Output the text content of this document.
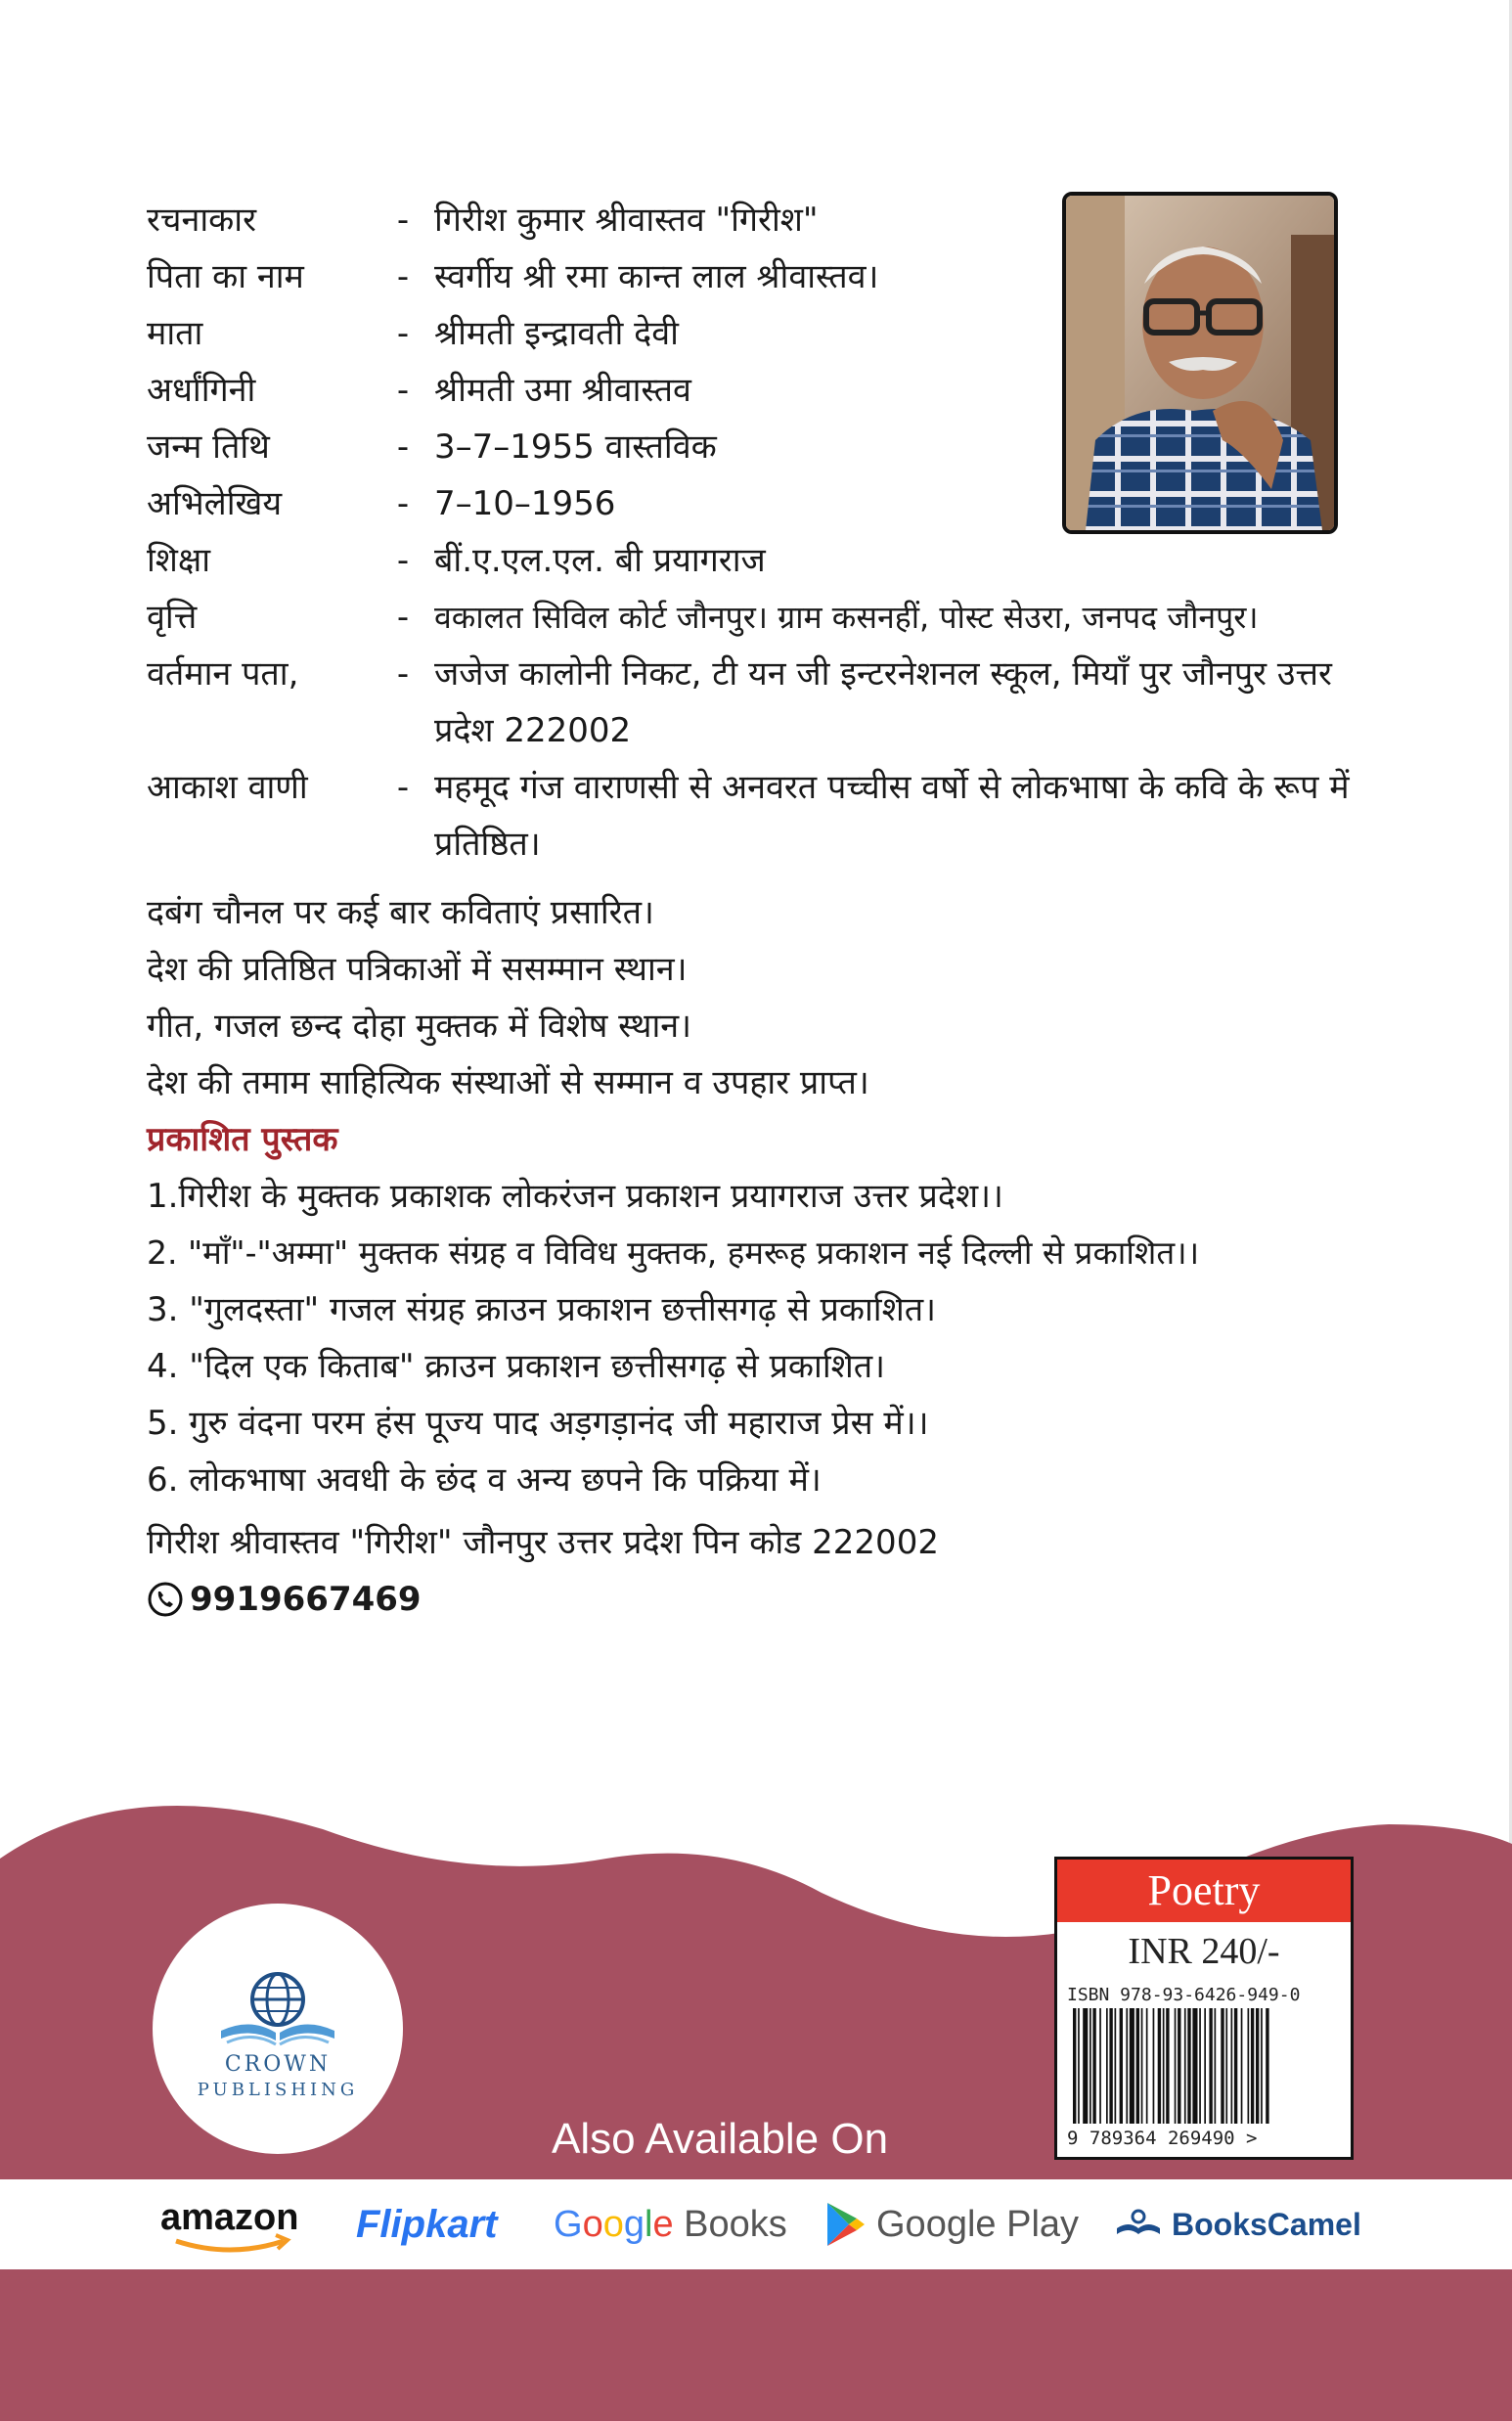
रचनाकार	- गिरीश कुमार श्रीवास्तव "गिरीश"
पिता का नाम	- स्वर्गीय श्री रमा कान्त लाल श्रीवास्तव।
माता	- श्रीमती इन्द्रावती देवी
अर्धांगिनी	- श्रीमती उमा श्रीवास्तव
जन्म तिथि	- 3–7–1955 वास्तविक
अभिलेखिय	- 7–10–1956
शिक्षा	- बीं.ए.एल.एल. बी प्रयागराज
वृत्ति	- वकालत सिविल कोर्ट जौनपुर। ग्राम कसनहीं, पोस्ट सेउरा, जनपद जौनपुर।
वर्तमान पता,	- जजेज कालोनी निकट, टी यन जी इन्टरनेशनल स्कूल, मियाँ पुर जौनपुर उत्तर प्रदेश 222002
आकाश वाणी	- महमूद गंज वाराणसी से अनवरत पच्चीस वर्षो से लोकभाषा के कवि के रूप में प्रतिष्ठित।
दबंग चौनल पर कई बार कविताएं प्रसारित।
देश की प्रतिष्ठित पत्रिकाओं में ससम्मान स्थान।
गीत, गजल छन्द दोहा मुक्तक में विशेष स्थान।
देश की तमाम साहित्यिक संस्थाओं से सम्मान व उपहार प्राप्त।
प्रकाशित पुस्तक
1.गिरीश के मुक्तक प्रकाशक लोकरंजन प्रकाशन प्रयागराज उत्तर प्रदेश।।
2. "माँ"-"अम्मा" मुक्तक संग्रह व विविध मुक्तक, हमरूह प्रकाशन नई दिल्ली से प्रकाशित।।
3. "गुलदस्ता" गजल संग्रह क्राउन प्रकाशन छत्तीसगढ़ से प्रकाशित।
4. "दिल एक किताब" क्राउन प्रकाशन छत्तीसगढ़ से प्रकाशित।
5. गुरु वंदना परम हंस पूज्य पाद अड़गड़ानंद जी महाराज प्रेस में।।
6. लोकभाषा अवधी के छंद व अन्य छपने कि पक्रिया में।
गिरीश श्रीवास्तव "गिरीश" जौनपुर उत्तर प्रदेश पिन कोड 222002
9919667469
CROWN
PUBLISHING
Poetry
INR 240/-
ISBN 978-93-6426-949-0
9 789364 269490 >
Also Available On
amazon Flipkart Google Books Google Play	BooksCamel
